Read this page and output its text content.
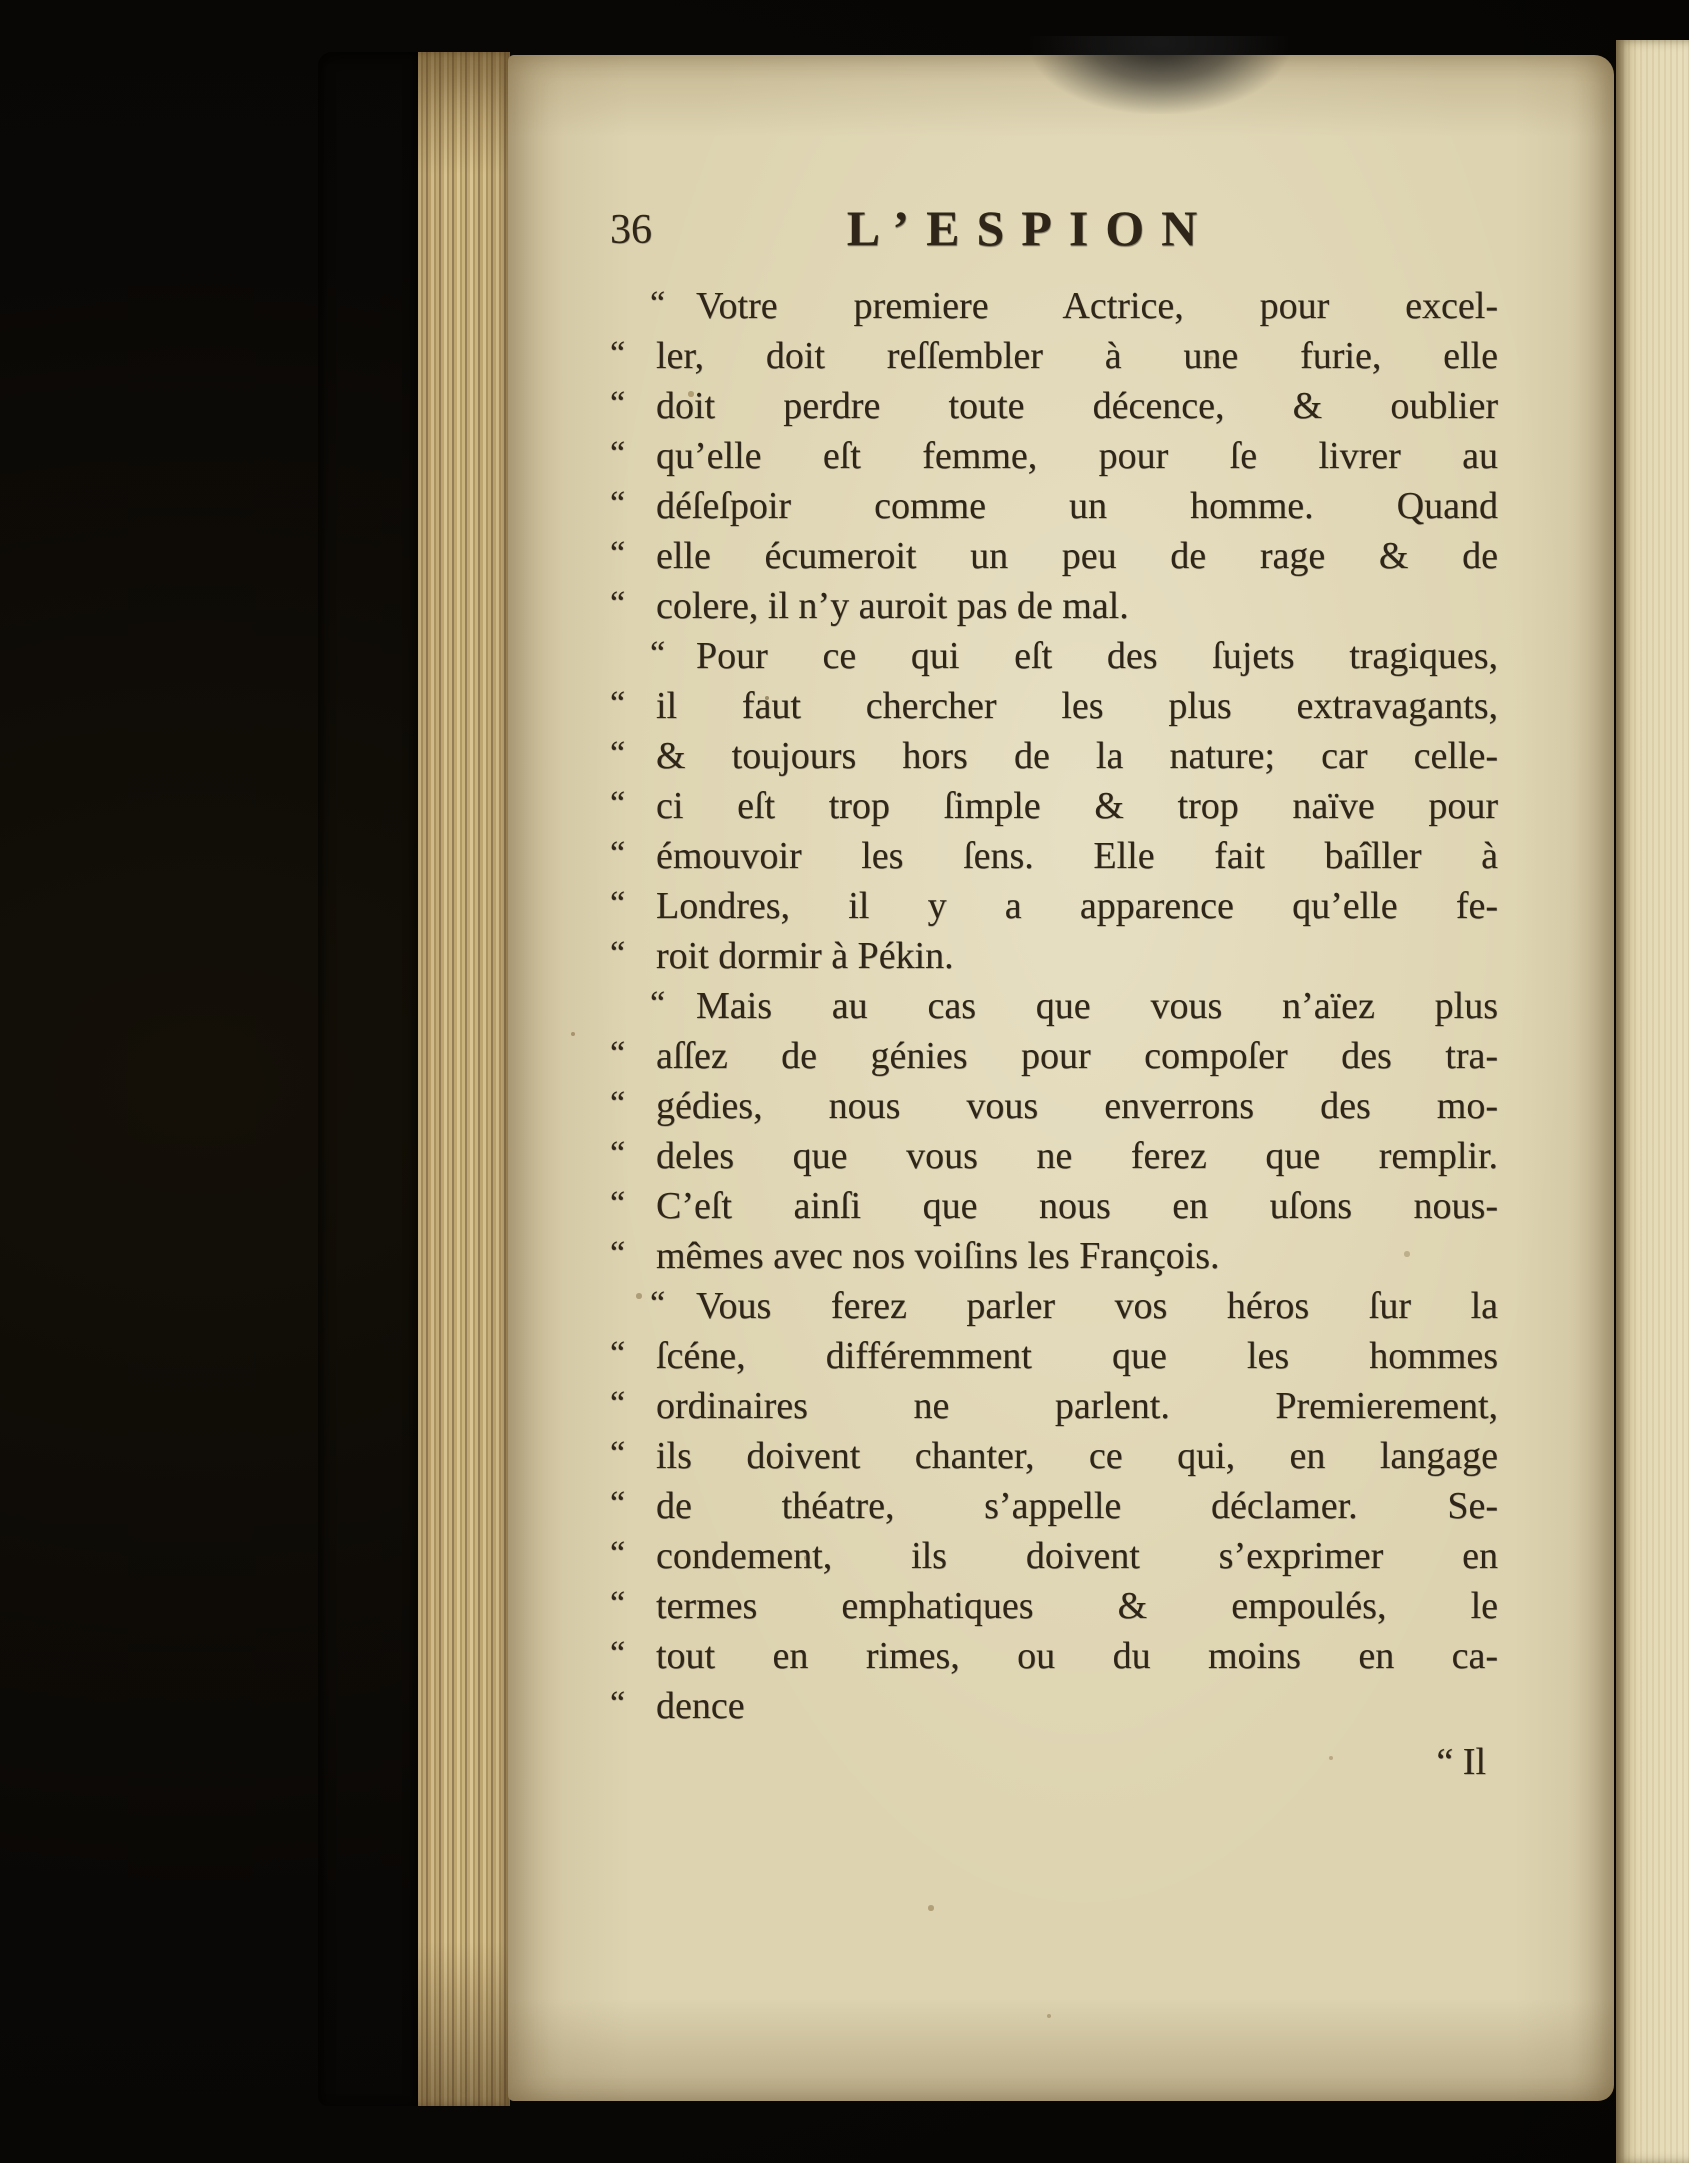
36	L’ESPION
“ Votre premiere Actrice, pour excel-
“ ler, doit reſſembler à une furie, elle
“ doit perdre toute décence, & oublier
“ qu’elle eſt femme, pour ſe livrer au
“ déſeſpoir comme un homme. Quand
“ elle écumeroit un peu de rage & de
“ colere, il n’y auroit pas de mal.
“ Pour ce qui eſt des ſujets tragiques,
“ il faut chercher les plus extravagants,
“ & toujours hors de la nature; car celle-
“ ci eſt trop ſimple & trop naïve pour
“ émouvoir les ſens. Elle fait baîller à
“ Londres, il y a apparence qu’elle fe-
“ roit dormir à Pékin.
“ Mais au cas que vous n’aïez plus
“ aſſez de génies pour compoſer des tra-
“ gédies, nous vous enverrons des mo-
“ deles que vous ne ferez que remplir.
“ C’eſt ainſi que nous en uſons nous-
“ mêmes avec nos voiſins les François.
“ Vous ferez parler vos héros ſur la
“ ſcéne, différemment que les hommes
“ ordinaires ne parlent. Premierement,
“ ils doivent chanter, ce qui, en langage
“ de théatre, s’appelle déclamer. Se-
“ condement, ils doivent s’exprimer en
“ termes emphatiques & empoulés, le
“ tout en rimes, ou du moins en ca-
“ dence
“ Il
